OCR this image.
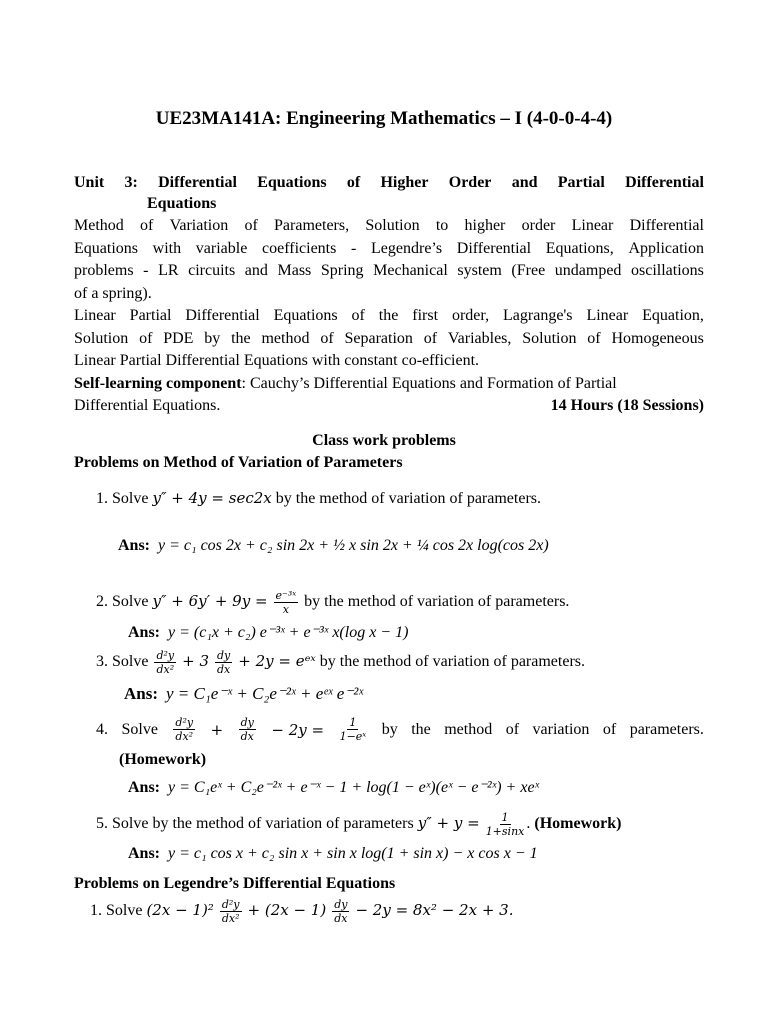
UE23MA141A: Engineering Mathematics – I (4-0-0-4-4)
Unit 3: Differential Equations of Higher Order and Partial Differential
Equations
Method of Variation of Parameters, Solution to higher order Linear Differential
Equations with variable coefficients - Legendre’s Differential Equations, Application
problems - LR circuits and Mass Spring Mechanical system (Free undamped oscillations
of a spring).
Linear Partial Differential Equations of the first order, Lagrange's Linear Equation,
Solution of PDE by the method of Separation of Variables, Solution of Homogeneous
Linear Partial Differential Equations with constant co-efficient.
Self-learning component: Cauchy’s Differential Equations and Formation of Partial
Differential Equations.	14 Hours (18 Sessions)
Class work problems
Problems on Method of Variation of Parameters
1. Solve y″ + 4y = sec2x by the method of variation of parameters.
Ans: y = c₁ cos 2x + c₂ sin 2x + ½ x sin 2x + ¼ cos 2x log(cos 2x)
2. Solve $y'' + 6y' + 9y = \frac{\text{e⁻³ˣ}}{x}$ by the method of variation of parameters.
Ans: y = (c₁x + c₂) e⁻³ˣ + e⁻³ˣ x(log x − 1)
3. Solve $\frac{\text{d²y}}{\text{dx²}} + 3 \frac{dy}{dx} + 2y$ = eᵉˣ by the method of variation of parameters.
Ans: y = C₁e⁻ˣ + C₂e⁻²ˣ + eᵉˣ e⁻²ˣ
4. Solve $\frac{\text{d²y}}{\text{dx²}} + \frac{dy}{dx} - 2y = \frac{1}{\text{1−eˣ}}$ by the method of variation of parameters.
(Homework)
Ans: y = C₁eˣ + C₂e⁻²ˣ + e⁻ˣ − 1 + log(1 − eˣ)(eˣ − e⁻²ˣ) + xeˣ
5. Solve by the method of variation of parameters $y'' + y = \frac{1}{1+\sin x}$ . (Homework)
Ans: y = c₁ cos x + c₂ sin x + sin x log(1 + sin x) − x cos x − 1
Problems on Legendre’s Differential Equations
1. Solve $(2x - 1)^2 \frac{\text{d²y}}{\text{dx²}} + (2x - 1) \frac{dy}{dx} - 2y = 8x^2 - 2x + 3$.
